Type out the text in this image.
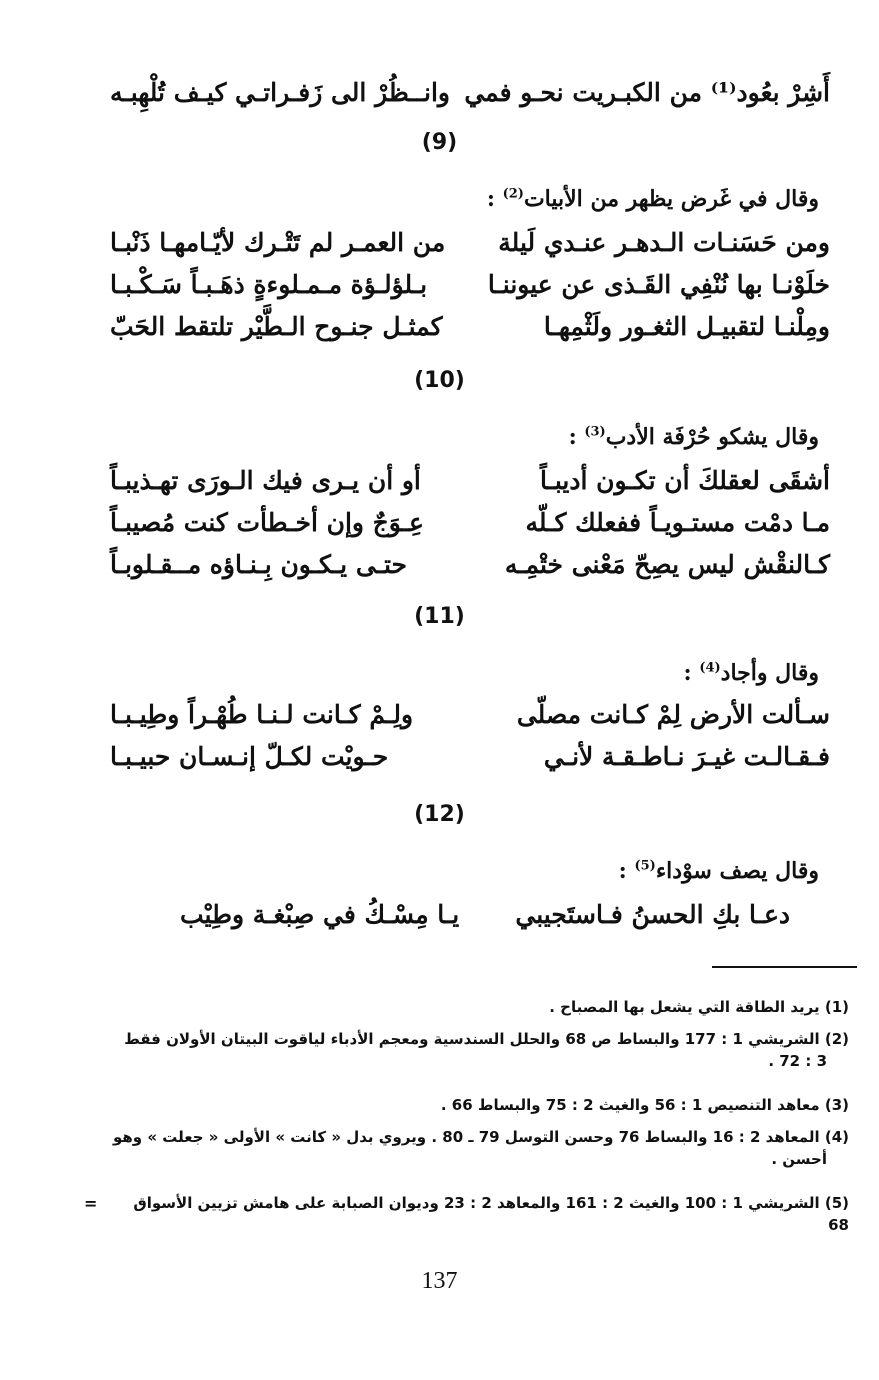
أَشِرْ بعُود⁽¹⁾ من الكبـريت نحـو فمي
وانــظُرْ الى زَفـراتـي كيـف تُلْهِبـه
(9)
وقال في غَرض يظهر من الأبيات$^{(2)}$ :
ومن حَسَنـات الـدهـر عنـدي لَيلة
من العمـر لم تَتْـرك لأيّـامهـا ذَنْبـا
خلَوْنـا بها نُنْفِي القَـذى عن عيوننـا
بـلؤلـؤة مـمـلوءةٍ ذهَـبـاً سَـكْـبـا
ومِلْنـا لتقبيـل الثغـور ولَثْمِهـا
كمثـل جنـوح الـطَّيْر تلتقط الحَبّ
(10)
وقال يشكو حُرْفَة الأدب$^{(3)}$ :
أشقَى لعقلكَ أن تكـون أديبـاً
أو أن يـرى فيك الـورَى تهـذيبـاً
مـا دمْت مستـويـاً ففعلك كـلّه
عِـوَجٌ وإن أخـطأت كنت مُصيبـاً
كـالنقْش ليس يصِحّ مَعْنى ختْمِـه
حتـى يـكـون بِـنـاؤه مــقـلوبـاً
(11)
وقال وأجاد$^{(4)}$ :
سـألت الأرض لِمْ كـانت مصلّى
ولِـمْ كـانت لـنـا طُهْـراً وطِيـبـا
فـقـالـت غيـرَ نـاطـقـة لأنـي
حـويْت لكـلّ إنـسـان حبيـبـا
(12)
وقال يصف سوْداء$^{(5)}$ :
دعـا بكِ الحسنُ فـاستَجيبي
يـا مِسْـكُ في صِبْغـة وطِيْب
(1) يريد الطاقة التي يشعل بها المصباح .
(2) الشريشي 1 : 177 والبساط ص 68 والحلل السندسية ومعجم الأدباء لياقوت البيتان الأولان فقط
3 : 72 .
(3) معاهد التنصيص 1 : 56 والغيث 2 : 75 والبساط 66 .
(4) المعاهد 2 : 16 والبساط 76 وحسن التوسل 79 ـ 80 . ويروي بدل « كانت » الأولى « جعلت » وهو
أحسن .
(5) الشريشي 1 : 100 والغيث 2 : 161 والمعاهد 2 : 23 وديوان الصبابة على هامش تزيين الأسواق 68
=
137
